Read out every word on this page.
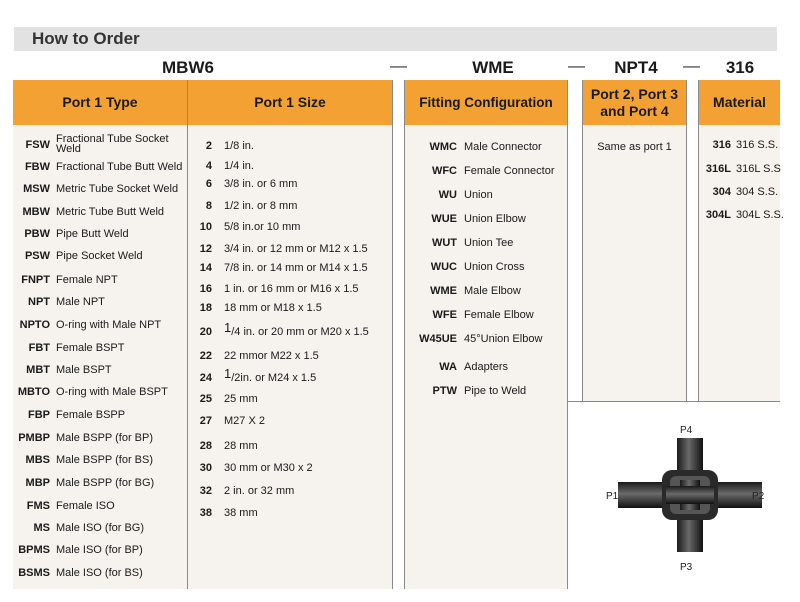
How to Order
MBW6	—	WME	—	NPT4	—	316
Port 1 Type	Port 1 Size	Fitting Configuration
Port 2, Port 3
and Port 4
Material
FSW Fractional Tube Socket
Weld
FBW Fractional Tube Butt Weld
MSW Metric Tube Socket Weld
MBW Metric Tube Butt Weld
PBW Pipe Butt Weld
PSW Pipe Socket Weld
FNPT Female NPT
NPT Male NPT
NPTO O-ring with Male NPT
FBT Female BSPT
MBT Male BSPT
MBTO O-ring with Male BSPT
FBP Female BSPP
PMBP Male BSPP (for BP)
MBS Male BSPP (for BS)
MBP Male BSPP (for BG)
FMS Female ISO
MS Male ISO (for BG)
BPMS Male ISO (for BP)
BSMS Male ISO (for BS)
2 1/8 in.
4 1/4 in.
6 3/8 in. or 6 mm
8 1/2 in. or 8 mm
10 5/8 in.or 10 mm
12 3/4 in. or 12 mm or M12 x 1.5
14 7/8 in. or 14 mm or M14 x 1.5
16 1 in. or 16 mm or M16 x 1.5
18 18 mm or M18 x 1.5
20 $^1$/4 in. or 20 mm or M20 x 1.5
22 22 mmor M22 x 1.5
24 $^1$/2in. or M24 x 1.5
25 25 mm
27 M27 X 2
28 28 mm
30 30 mm or M30 x 2
32 2 in. or 32 mm
38 38 mm
WMC Male Connector
WFC Female Connector
WU Union
WUE Union Elbow
WUT Union Tee
WUC Union Cross
WME Male Elbow
WFE Female Elbow
W45UE 45°Union Elbow
WA Adapters
PTW Pipe to Weld
Same as port 1	316 316 S.S.
316L 316L S.S
304 304 S.S.
304L 304L S.S.
P4
P1	P2
P3
